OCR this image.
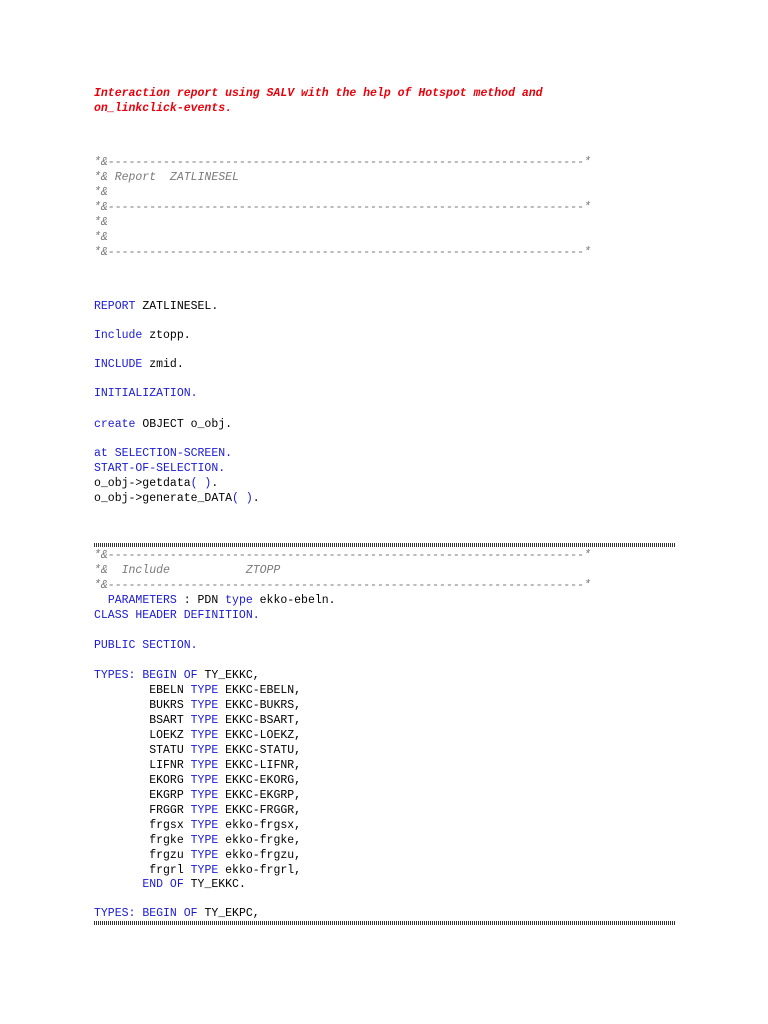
Interaction report using SALV with the help of Hotspot method and
on_linkclick-events.
*&---------------------------------------------------------------------*
*& Report  ZATLINESEL
*&
*&---------------------------------------------------------------------*
*&
*&
*&---------------------------------------------------------------------*
REPORT ZATLINESEL.
Include ztopp.
INCLUDE zmid.
INITIALIZATION.
create OBJECT o_obj.
at SELECTION-SCREEN.
START-OF-SELECTION.
o_obj->getdata( ).
o_obj->generate_DATA( ).
*&---------------------------------------------------------------------*
*&  Include           ZTOPP
*&---------------------------------------------------------------------*
PARAMETERS : PDN type ekko-ebeln.
CLASS HEADER DEFINITION.
PUBLIC SECTION.
TYPES: BEGIN OF TY_EKKC,
EBELN TYPE EKKC-EBELN,
BUKRS TYPE EKKC-BUKRS,
BSART TYPE EKKC-BSART,
LOEKZ TYPE EKKC-LOEKZ,
STATU TYPE EKKC-STATU,
LIFNR TYPE EKKC-LIFNR,
EKORG TYPE EKKC-EKORG,
EKGRP TYPE EKKC-EKGRP,
FRGGR TYPE EKKC-FRGGR,
frgsx TYPE ekko-frgsx,
frgke TYPE ekko-frgke,
frgzu TYPE ekko-frgzu,
frgrl TYPE ekko-frgrl,
END OF TY_EKKC.
TYPES: BEGIN OF TY_EKPC,
